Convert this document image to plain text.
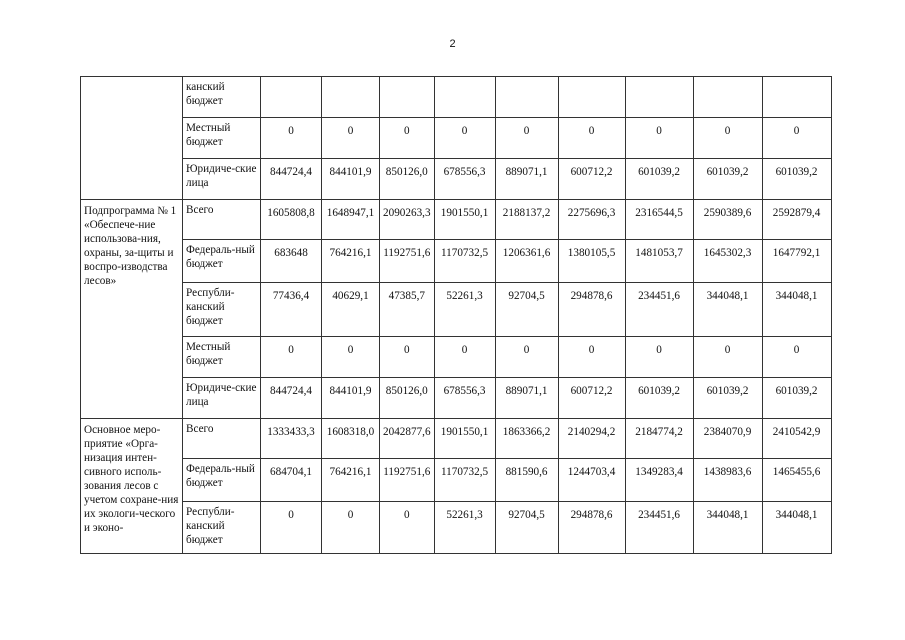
2
	канский бюджет									
	Местный бюджет	0	0	0	0	0	0	0	0	0
	Юридиче-ские лица	844724,4	844101,9	850126,0	678556,3	889071,1	600712,2	601039,2	601039,2	601039,2
Подпрограмма № 1 «Обеспече-ние использова-ния, охраны, за-щиты и воспро-изводства лесов»	Всего	1605808,8	1648947,1	2090263,3	1901550,1	2188137,2	2275696,3	2316544,5	2590389,6	2592879,4
	Федераль-ный бюджет	683648	764216,1	1192751,6	1170732,5	1206361,6	1380105,5	1481053,7	1645302,3	1647792,1
	Республи-канский бюджет	77436,4	40629,1	47385,7	52261,3	92704,5	294878,6	234451,6	344048,1	344048,1
	Местный бюджет	0	0	0	0	0	0	0	0	0
	Юридиче-ские лица	844724,4	844101,9	850126,0	678556,3	889071,1	600712,2	601039,2	601039,2	601039,2
Основное меро-приятие «Орга-низация интен-сивного исполь-зования лесов с учетом сохране-ния их экологи-ческого и эконо-	Всего	1333433,3	1608318,0	2042877,6	1901550,1	1863366,2	2140294,2	2184774,2	2384070,9	2410542,9
	Федераль-ный бюджет	684704,1	764216,1	1192751,6	1170732,5	881590,6	1244703,4	1349283,4	1438983,6	1465455,6
	Республи-канский бюджет	0	0	0	52261,3	92704,5	294878,6	234451,6	344048,1	344048,1
